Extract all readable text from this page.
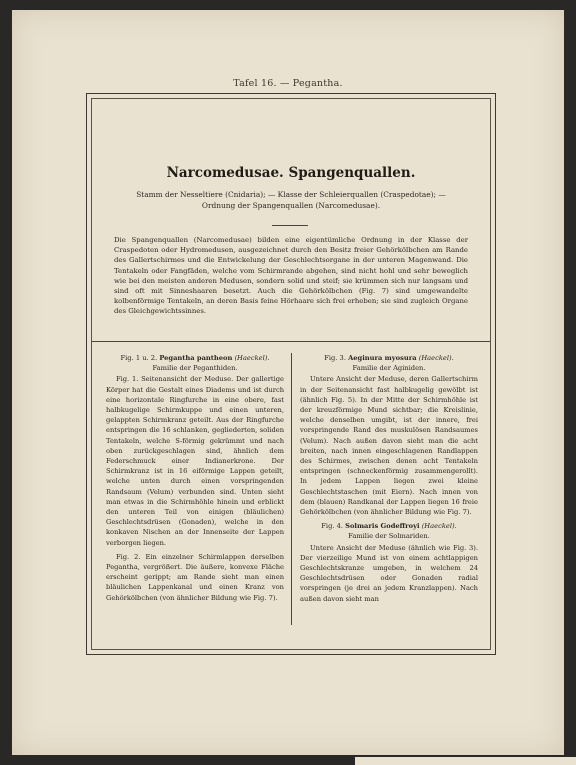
Tafel 16. — Pegantha.
Narcomedusae. Spangenquallen.
Stamm der Nesseltiere (Cnidaria); — Klasse der Schleierquallen (Craspedotae); —
Ordnung der Spangenquallen (Narcomedusae).
Die Spangenquallen (Narcomedusae) bilden eine eigentümliche Ordnung in der Klasse der Craspedoten oder Hydromedusen, ausgezeichnet durch den Besitz freier Gehörkölbchen am Rande des Gallertschirmes und die Entwickelung der Geschlechtsorgane in der unteren Magenwand. Die Tentakeln oder Fangfäden, welche vom Schirmrande abgehen, sind nicht hohl und sehr beweglich wie bei den meisten anderen Medusen, sondern solid und steif; sie krümmen sich nur langsam und sind oft mit Sinneshaaren besetzt. Auch die Gehörkölbchen (Fig. 7) sind umgewandelte kolbenförmige Tentakeln, an deren Basis feine Hörhaare sich frei erheben; sie sind zugleich Organe des Gleichgewichtssinnes.

Fig. 1 u. 2. Pegantha pantheon (Haeckel).

Familie der Peganthiden.

Fig. 1. Seitenansicht der Meduse. Der gallertige Körper hat die Gestalt eines Diadems und ist durch eine horizontale Ringfurche in eine obere, fast halbkugelige Schirmkuppe und einen unteren, gelappten Schirmkranz geteilt. Aus der Ringfurche entspringen die 16 schlanken, gegliederten, soliden Tentakeln, welche S-förmig gekrümmt und nach oben zurückgeschlagen sind, ähnlich dem Federschmuck einer Indianerkrone. Der Schirmkranz ist in 16 eiförmige Lappen geteilt, welche unten durch einen vorspringenden Randsaum (Velum) verbunden sind. Unten sieht man etwas in die Schirmhöhle hinein und erblickt den unteren Teil von einigen (bläulichen) Geschlechtsdrüsen (Gonaden), welche in den konkaven Nischen an der Innenseite der Lappen verborgen liegen.

Fig. 2. Ein einzelner Schirmlappen derselben Pegantha, vergrößert. Die äußere, konvexe Fläche erscheint gerippt; am Rande sieht man einen bläulichen Lappenkanal und einen Kranz von Gehörkölbchen (von ähnlicher Bildung wie Fig. 7).

Fig. 3. Aeginura myosura (Haeckel).

Familie der Aginiden.

Untere Ansicht der Meduse, deren Gallertschirm in der Seitenansicht fast halbkugelig gewölbt ist (ähnlich Fig. 5). In der Mitte der Schirmhöhle ist der kreuzförmige Mund sichtbar; die Kreislinie, welche denselben umgibt, ist der innere, frei vorspringende Rand des muskulösen Randsaumes (Velum). Nach außen davon sieht man die acht breiten, nach innen eingeschlagenen Randlappen des Schirmes, zwischen denen acht Tentakeln entspringen (schneckenförmig zusammengerollt). In jedem Lappen liegen zwei kleine Geschlechtstaschen (mit Eiern). Nach innen von dem (blauen) Randkanal der Lappen liegen 16 freie Gehörkölbchen (von ähnlicher Bildung wie Fig. 7).

Fig. 4. Solmaris Godeffroyi (Haeckel).

Familie der Solmariden.

Untere Ansicht der Meduse (ähnlich wie Fig. 3). Der vierzeilige Mund ist von einem achtlappigen Geschlechtskranze umgeben, in welchem 24 Geschlechtsdrüsen oder Gonaden radial vorspringen (je drei an jedem Kranzlappen). Nach außen davon sieht man
